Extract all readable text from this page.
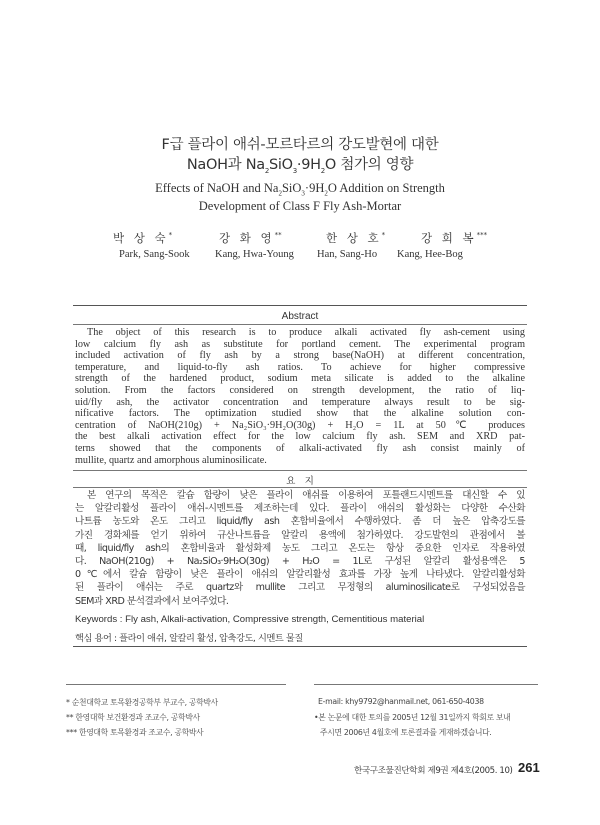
F급 플라이 애쉬-모르타르의 강도발현에 대한
NaOH과 $Na_2SiO_3\cdot 9H_2O$ 첨가의 영향
Effects of NaOH and $Na_2SiO_3\cdot 9H_2O$ Addition on Strength
Development of Class F Fly Ash-Mortar
박 상 숙*	강 화 영**	한 상 호*	강 희 복***
Park, Sang-Sook Kang, Hwa-Young Han, Sang-Ho Kang, Hee-Bog
Abstract
The object of this research is to produce alkali activated fly ash-cement using
low calcium fly ash as substitute for portland cement. The experimental program
included activation of fly ash by a strong base(NaOH) at different concentration,
temperature, and liquid-to-fly ash ratios. To achieve for higher compressive
strength of the hardened product, sodium meta silicate is added to the alkaline
solution. From the factors considered on strength development, the ratio of liq-
uid/fly ash, the activator concentration and temperature always result to be sig-
nificative factors. The optimization studied show that the alkaline solution con-
centration of NaOH(210g) + Na₂SiO₃·9H₂O(30g) + H₂O = 1L at 50℃ produces
the best alkali activation effect for the low calcium fly ash. SEM and XRD pat-
terns showed that the components of alkali-activated fly ash consist mainly of
mullite, quartz and amorphous aluminosilicate.
요   지
본 연구의 목적은 칼슘 함량이 낮은 플라이 애쉬를 이용하여 포틀랜드시멘트를 대신할 수 있
는 알칼리활성 플라이 애쉬-시멘트를 제조하는데 있다. 플라이 애쉬의 활성화는 다양한 수산화
나트륨 농도와 온도 그리고 liquid/fly ash 혼합비율에서 수행하였다. 좀 더 높은 압축강도를
가진 경화체를 얻기 위하여 규산나트륨을 알칼리 용액에 첨가하였다. 강도발현의 관점에서 볼
때, liquid/fly ash의 혼합비율과 활성화제 농도 그리고 온도는 항상 중요한 인자로 작용하였
다. NaOH(210g) + Na₂SiO₃·9H₂O(30g) + H₂O = 1L로 구성된 알칼리 활성용액은 5
0℃에서 칼슘 함량이 낮은 플라이 애쉬의 알칼리활성 효과를 가장 높게 나타냈다. 알칼리활성화
된 플라이 애쉬는 주로 quartz와 mullite 그리고 무정형의 aluminosilicate로 구성되었음을
SEM과 XRD 분석결과에서 보여주었다.
Keywords : Fly ash, Alkali-activation, Compressive strength, Cementitious material
핵심 용어 : 플라이 애쉬, 알칼리 활성, 압축강도, 시멘트 물질
* 순천대학교 토목환경공학부 부교수, 공학박사
** 한영대학 보건환경과 조교수, 공학박사
*** 한영대학 토목환경과 조교수, 공학박사
E-mail: khy9792@hanmail.net, 061-650-4038
•본 논문에 대한 토의를 2005년 12월 31일까지 학회로 보내
주시면 2006년 4월호에 토론결과를 게재하겠습니다.
한국구조물진단학회 제9권 제4호(2005. 10) 261
